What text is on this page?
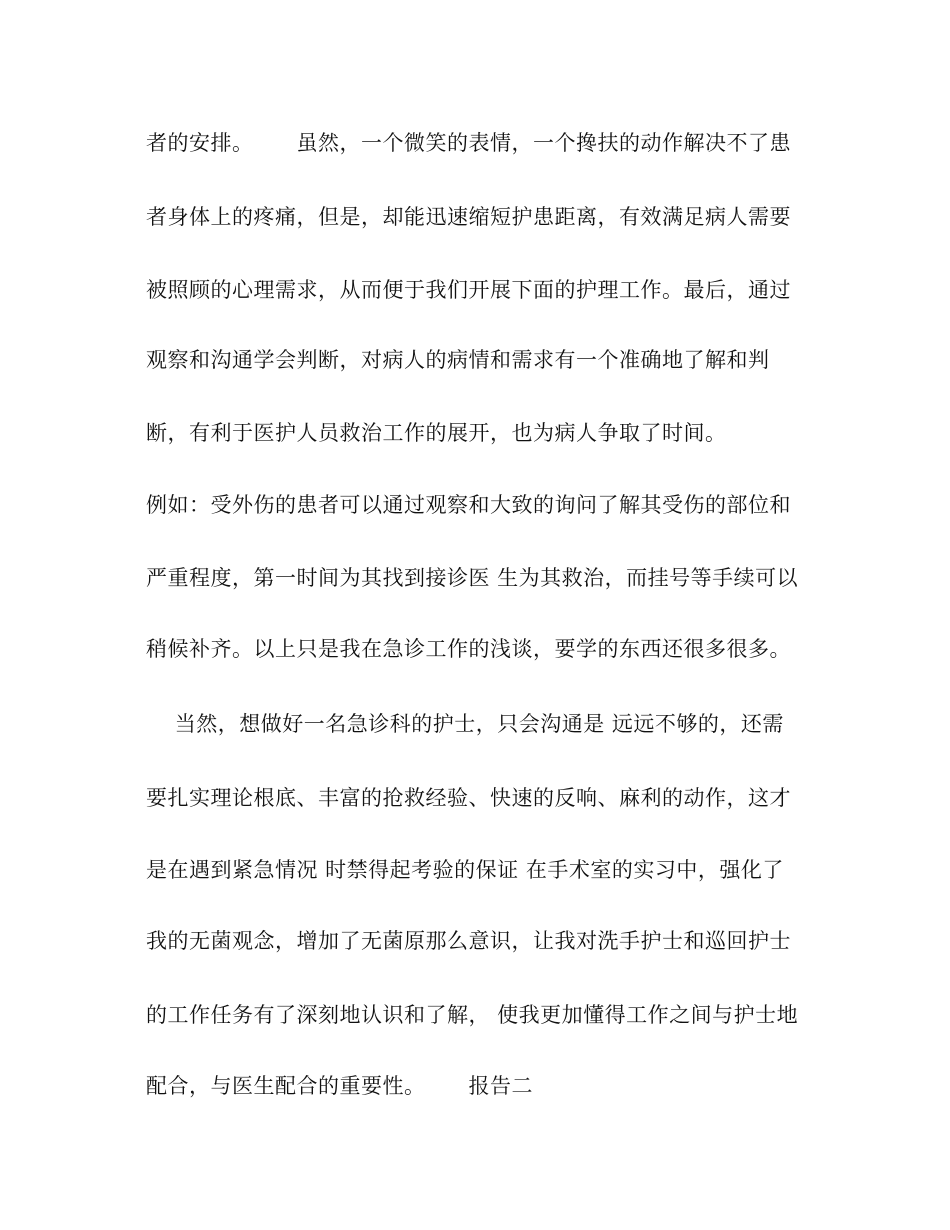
者的安排。      虽然，一个微笑的表情，一个搀扶的动作解决不了患
者身体上的疼痛，但是，却能迅速缩短护患距离，有效满足病人需要
被照顾的心理需求，从而便于我们开展下面的护理工作。最后，通过
观察和沟通学会判断，对病人的病情和需求有一个准确地了解和判
断，有利于医护人员救治工作的展开，也为病人争取了时间。
例如：受外伤的患者可以通过观察和大致的询问了解其受伤的部位和
严重程度，第一时间为其找到接诊医 生为其救治，而挂号等手续可以
稍候补齐。以上只是我在急诊工作的浅谈，要学的东西还很多很多。
当然，想做好一名急诊科的护士，只会沟通是 远远不够的，还需
要扎实理论根底、丰富的抢救经验、快速的反响、麻利的动作，这才
是在遇到紧急情况 时禁得起考验的保证 在手术室的实习中，强化了
我的无菌观念，增加了无菌原那么意识，让我对洗手护士和巡回护士
的工作任务有了深刻地认识和了解， 使我更加懂得工作之间与护士地
配合，与医生配合的重要性。      报告二
